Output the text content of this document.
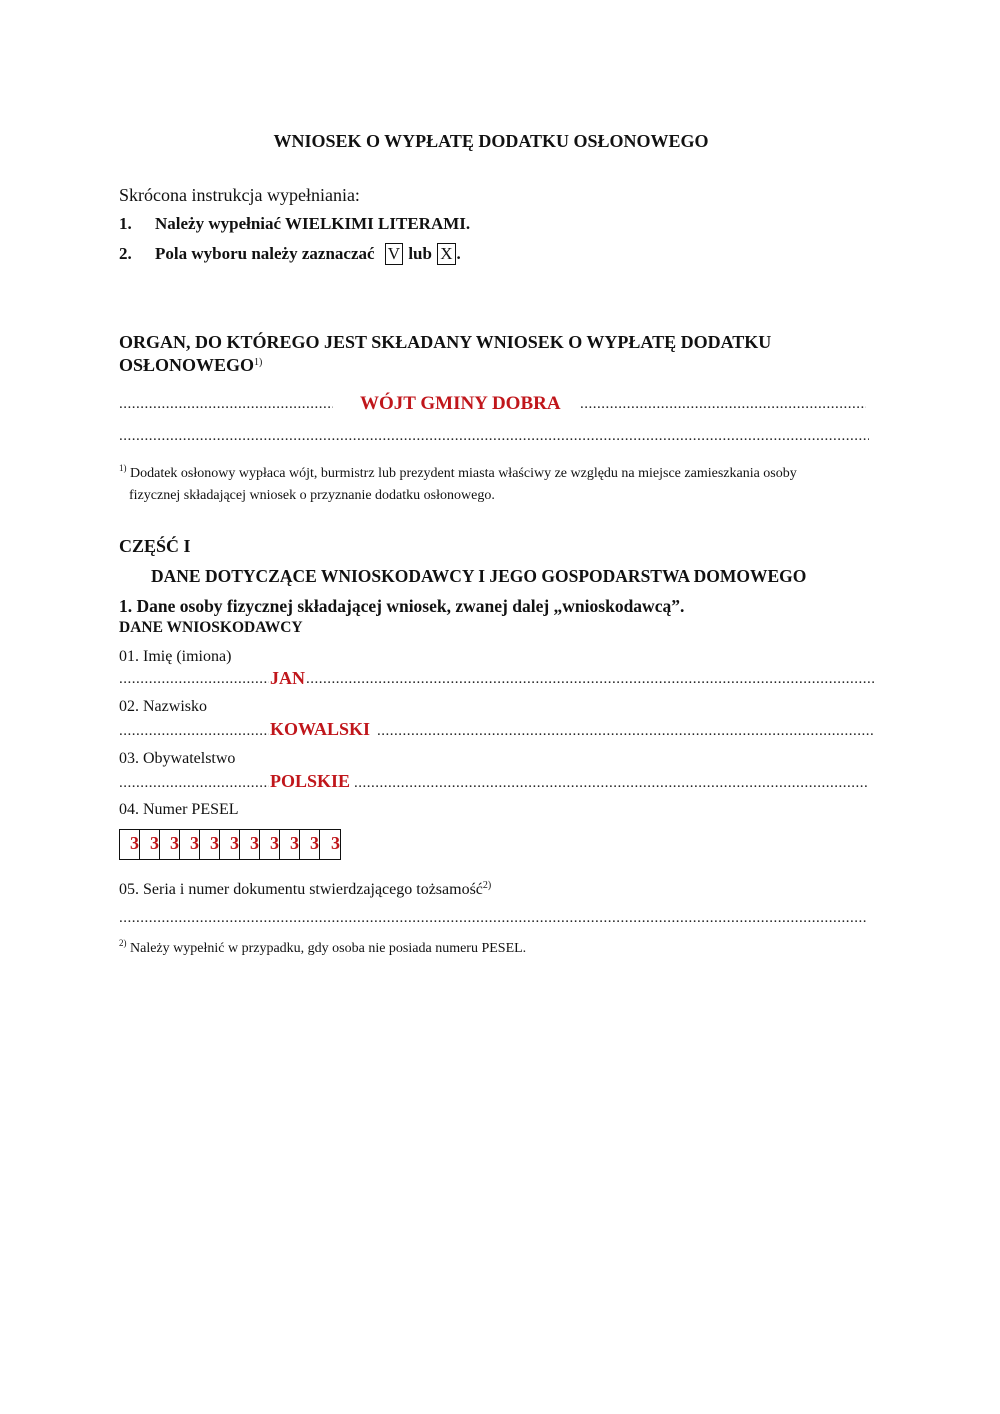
WNIOSEK O WYPŁATĘ DODATKU OSŁONOWEGO
Skrócona instrukcja wypełniania:
1. Należy wypełniać WIELKIMI LITERAMI.
2. Pola wyboru należy zaznaczać V lub X .
ORGAN, DO KTÓREGO JEST SKŁADANY WNIOSEK O WYPŁATĘ DODATKU
OSŁONOWEGO$^{1)}$
.....
WÓJT GMINY DOBRA
.....
.....
$^{1)}$ Dodatek osłonowy wypłaca wójt, burmistrz lub prezydent miasta właściwy ze względu na miejsce zamieszkania osoby
fizycznej składającej wniosek o przyznanie dodatku osłonowego.
CZĘŚĆ I
DANE DOTYCZĄCE WNIOSKODAWCY I JEGO GOSPODARSTWA DOMOWEGO
1. Dane osoby fizycznej składającej wniosek, zwanej dalej „wnioskodawcą”.
DANE WNIOSKODAWCY
01. Imię (imiona)
.....
JAN
.....
02. Nazwisko
.....
KOWALSKI
.....
03. Obywatelstwo
.....
POLSKIE
.....
04. Numer PESEL
3 3 3 3 3 3 3 3 3 3 3
05. Seria i numer dokumentu stwierdzającego tożsamość$^{2)}$
.....
$^{2)}$ Należy wypełnić w przypadku, gdy osoba nie posiada numeru PESEL.
